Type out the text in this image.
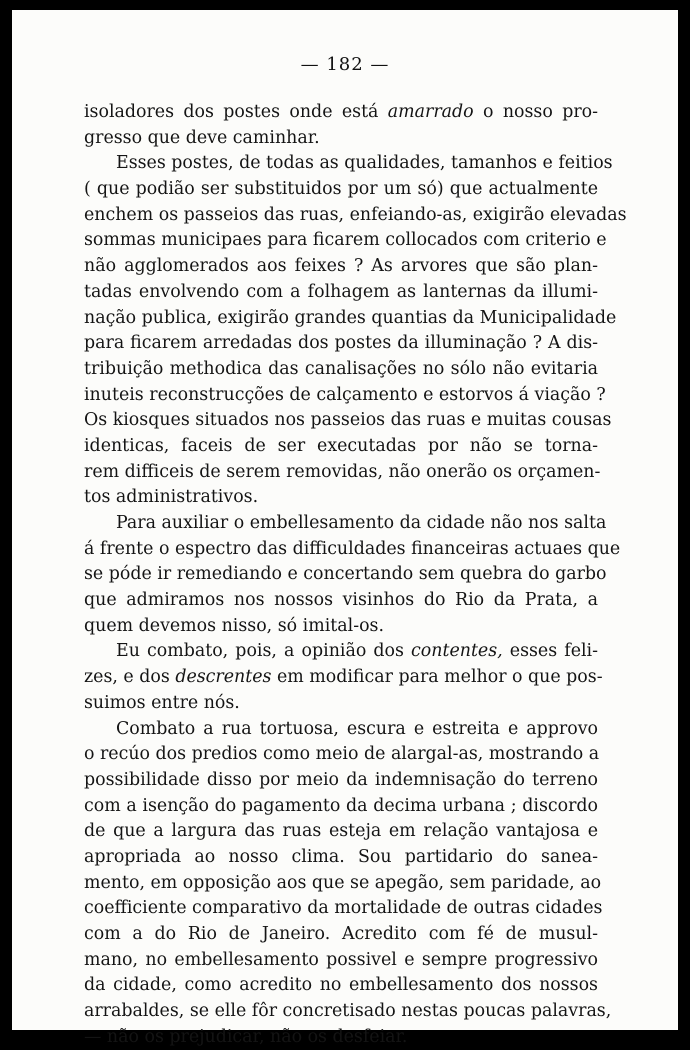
— 182 —
isoladores dos postes onde está amarrado o nosso pro-
gresso que deve caminhar.
Esses postes, de todas as qualidades, tamanhos e feitios
( que podião ser substituidos por um só) que actualmente
enchem os passeios das ruas, enfeiando-as, exigirão elevadas
sommas municipaes para ficarem collocados com criterio e
não agglomerados aos feixes ? As arvores que são plan-
tadas envolvendo com a folhagem as lanternas da illumi-
nação publica, exigirão grandes quantias da Municipalidade
para ficarem arredadas dos postes da illuminação ? A dis-
tribuição methodica das canalisações no sólo não evitaria
inuteis reconstrucções de calçamento e estorvos á viação ?
Os kiosques situados nos passeios das ruas e muitas cousas
identicas, faceis de ser executadas por não se torna-
rem difficeis de serem removidas, não onerão os orçamen-
tos administrativos.
Para auxiliar o embellesamento da cidade não nos salta
á frente o espectro das difficuldades financeiras actuaes que
se póde ir remediando e concertando sem quebra do garbo
que admiramos nos nossos visinhos do Rio da Prata, a
quem devemos nisso, só imital-os.
Eu combato, pois, a opinião dos contentes, esses feli-
zes, e dos descrentes em modificar para melhor o que pos-
suimos entre nós.
Combato a rua tortuosa, escura e estreita e approvo
o recúo dos predios como meio de alargal-as, mostrando a
possibilidade disso por meio da indemnisação do terreno
com a isenção do pagamento da decima urbana ; discordo
de que a largura das ruas esteja em relação vantajosa e
apropriada ao nosso clima. Sou partidario do sanea-
mento, em opposição aos que se apegão, sem paridade, ao
coefficiente comparativo da mortalidade de outras cidades
com a do Rio de Janeiro. Acredito com fé de musul-
mano, no embellesamento possivel e sempre progressivo
da cidade, como acredito no embellesamento dos nossos
arrabaldes, se elle fôr concretisado nestas poucas palavras,
— não os prejudicar, não os desfeiar.
